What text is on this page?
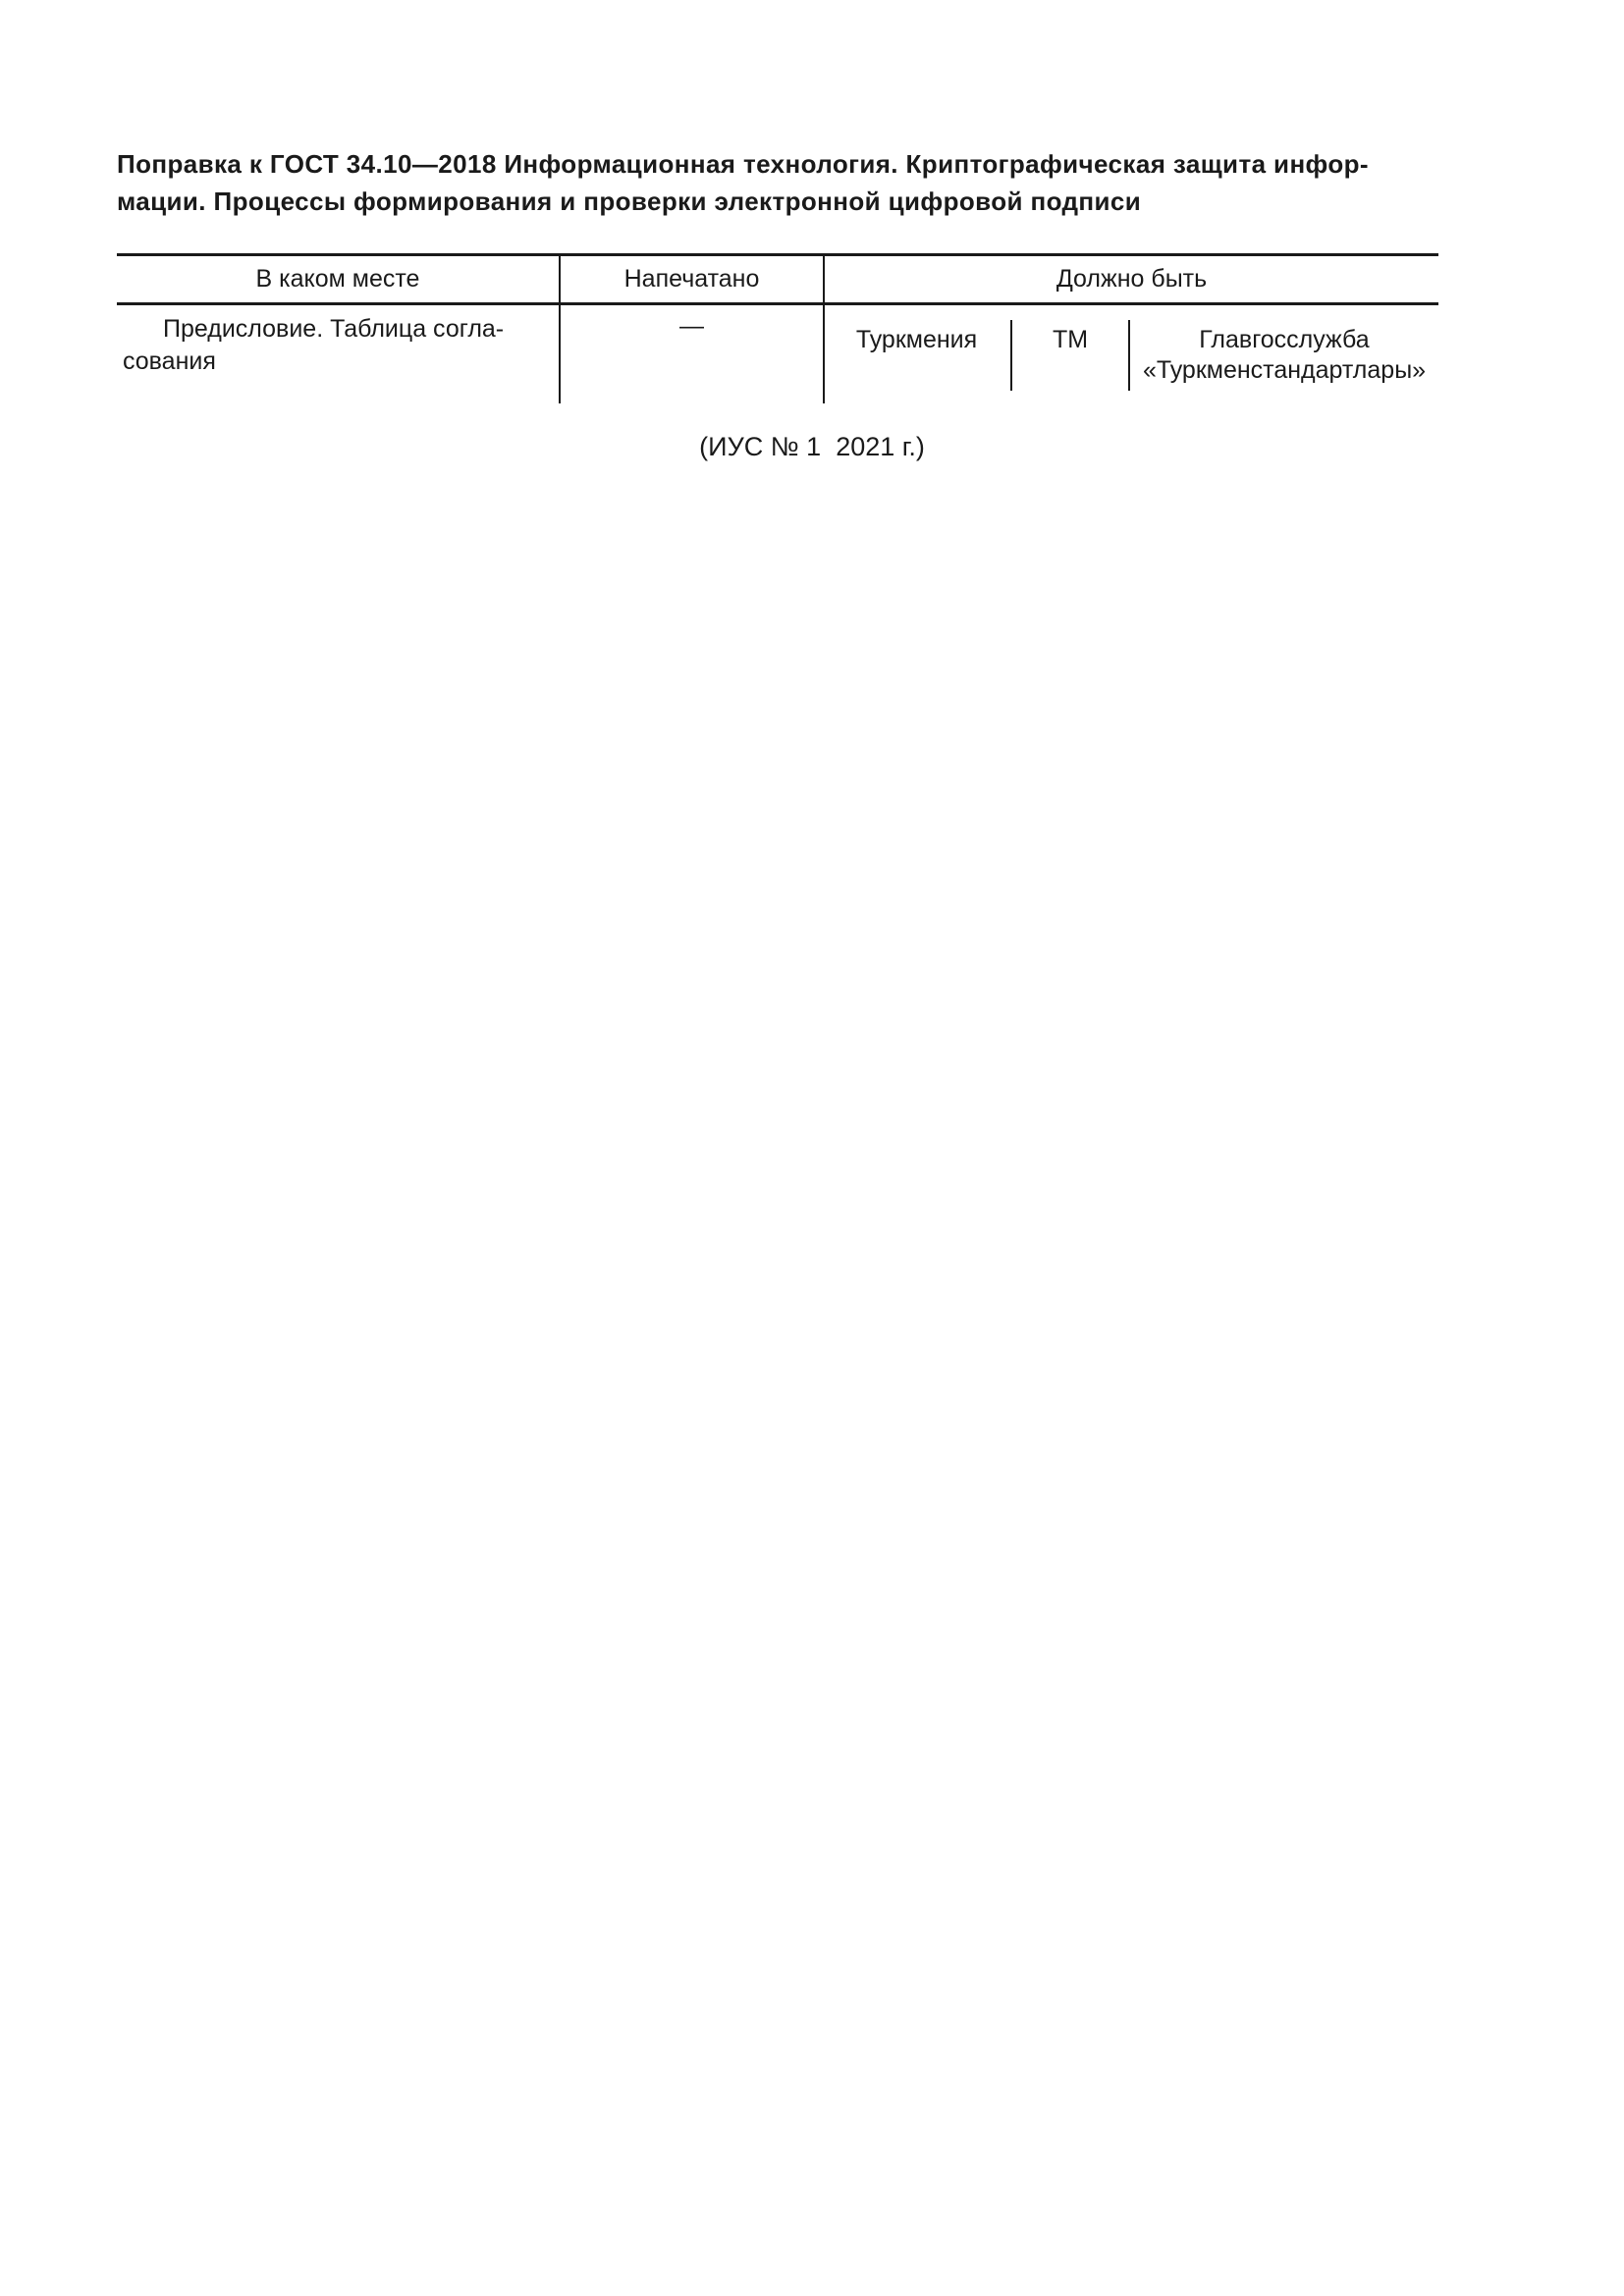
Поправка к ГОСТ 34.10—2018 Информационная технология. Криптографическая защита инфор-
мации. Процессы формирования и проверки электронной цифровой подписи
В каком месте	Напечатано	Должно быть
Предисловие. Таблица согла-
сования
—	Туркмения	ТМ	Главгосслужба
«Туркменстандартлары»
(ИУС № 1  2021 г.)
